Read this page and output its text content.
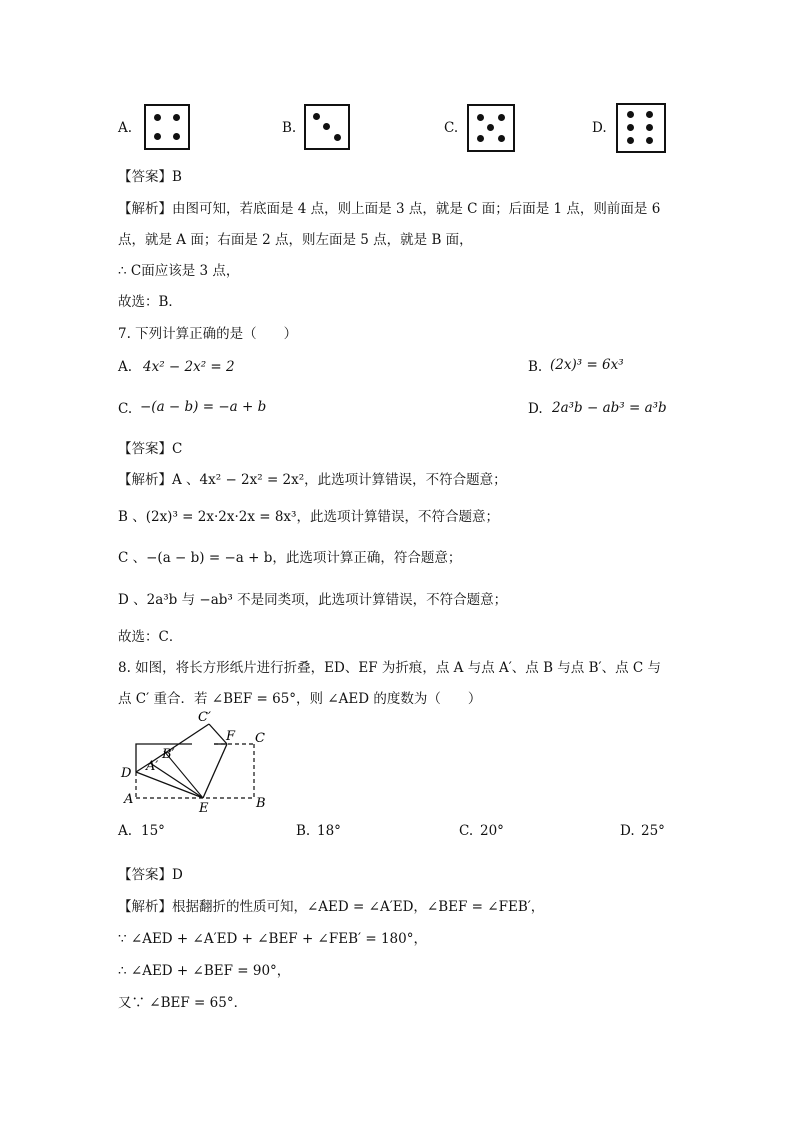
A.	B.	C.	D.
【答案】B
【解析】由图可知，若底面是 4 点，则上面是 3 点，就是 C 面；后面是 1 点，则前面是 6
点，就是 A 面；右面是 2 点，则左面是 5 点，就是 B 面，
∴ C面应该是 3 点，
故选：B．
7. 下列计算正确的是（　　）
A. 4x² − 2x² = 2	B. (2x)³ = 6x³
C. −(a − b) = −a + b	D. 2a³b − ab³ = a³b
【答案】C
【解析】A 、4x² − 2x² = 2x²，此选项计算错误，不符合题意；
B 、(2x)³ = 2x·2x·2x = 8x³，此选项计算错误，不符合题意；
C 、−(a − b) = −a + b，此选项计算正确，符合题意；
D 、2a³b 与 −ab³ 不是同类项，此选项计算错误，不符合题意；
故选：C．
8. 如图，将长方形纸片进行折叠，ED、EF 为折痕，点 A 与点 A′、点 B 与点 B′、点 C 与
点 C′ 重合．若 ∠BEF = 65°，则 ∠AED 的度数为（　　）
C′
F C
B′
A′
D
A
E	B
A. 15°	B. 18°	C. 20°	D. 25°
【答案】D
【解析】根据翻折的性质可知，∠AED = ∠A′ED，∠BEF = ∠FEB′，
∵ ∠AED + ∠A′ED + ∠BEF + ∠FEB′ = 180°，
∴ ∠AED + ∠BEF = 90°，
又∵ ∠BEF = 65°．
